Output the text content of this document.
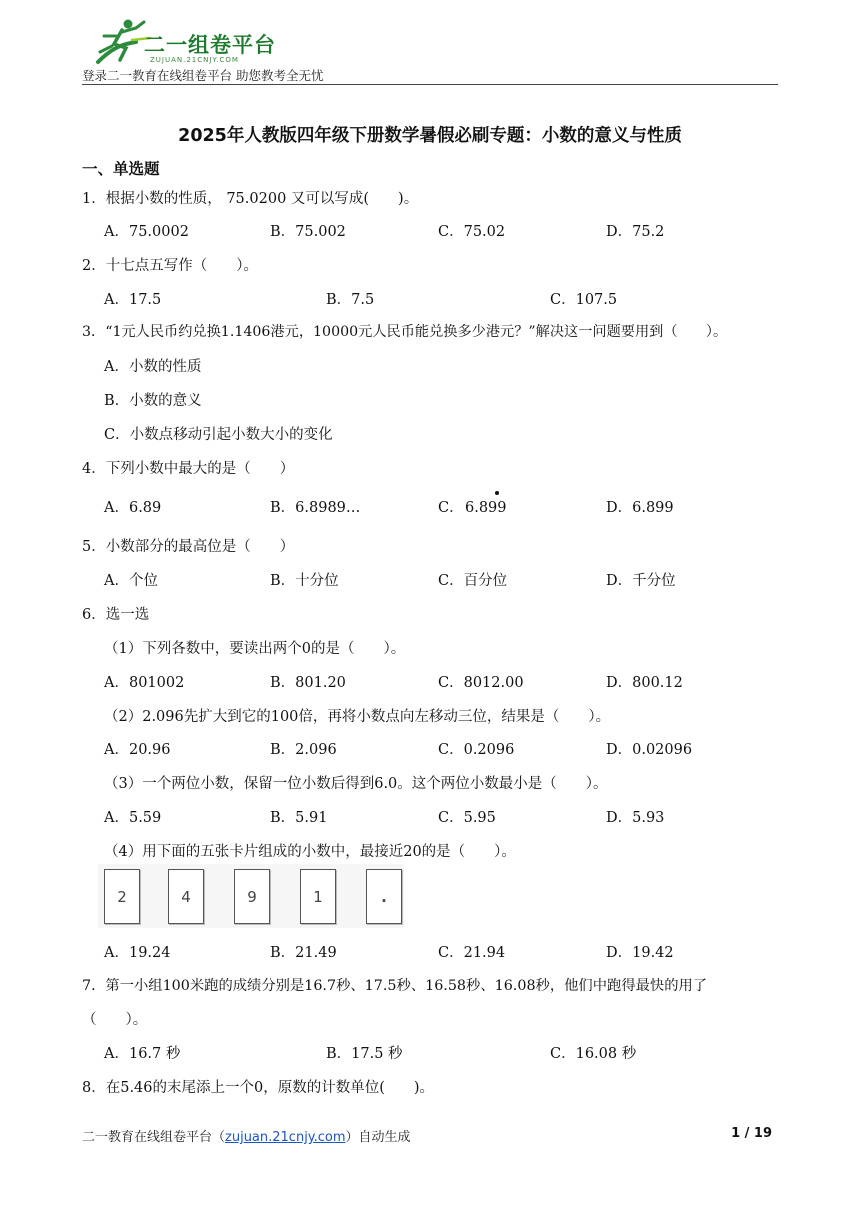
二一组卷平台
ZUJUAN.21CNJY.COM
登录二一教育在线组卷平台 助您教考全无忧
2025年人教版四年级下册数学暑假必刷专题：小数的意义与性质
一、单选题
1．根据小数的性质， 75.0200 又可以写成(　　)。
A．75.0002	B．75.002	C．75.02	D．75.2
2．十七点五写作（　　）。
A．17.5	B．7.5	C．107.5
3．“1元人民币约兑换1.1406港元，10000元人民币能兑换多少港元？”解决这一问题要用到（　　）。
A．小数的性质
B．小数的意义
C．小数点移动引起小数大小的变化
4．下列小数中最大的是（　　）
A．6.89	B．6.8989…	C． 6.899	D．6.899
5．小数部分的最高位是（　　）
A．个位	B．十分位	C．百分位	D．千分位
6．选一选
（1）下列各数中，要读出两个0的是（　　）。
A．801002	B．801.20	C．8012.00	D．800.12
（2）2.096先扩大到它的100倍，再将小数点向左移动三位，结果是（　　）。
A．20.96	B．2.096	C．0.2096	D．0.02096
（3）一个两位小数，保留一位小数后得到6.0。这个两位小数最小是（　　）。
A．5.59	B．5.91	C．5.95	D．5.93
（4）用下面的五张卡片组成的小数中，最接近20的是（　　）。
2	4	9	1	.
A．19.24	B．21.49	C．21.94	D．19.42
7．第一小组100米跑的成绩分别是16.7秒、17.5秒、16.58秒、16.08秒，他们中跑得最快的用了
（　　）。
A．16.7 秒	B．17.5 秒	C．16.08 秒
8．在5.46的末尾添上一个0，原数的计数单位(　　)。
二一教育在线组卷平台（zujuan.21cnjy.com）自动生成	1 / 19
